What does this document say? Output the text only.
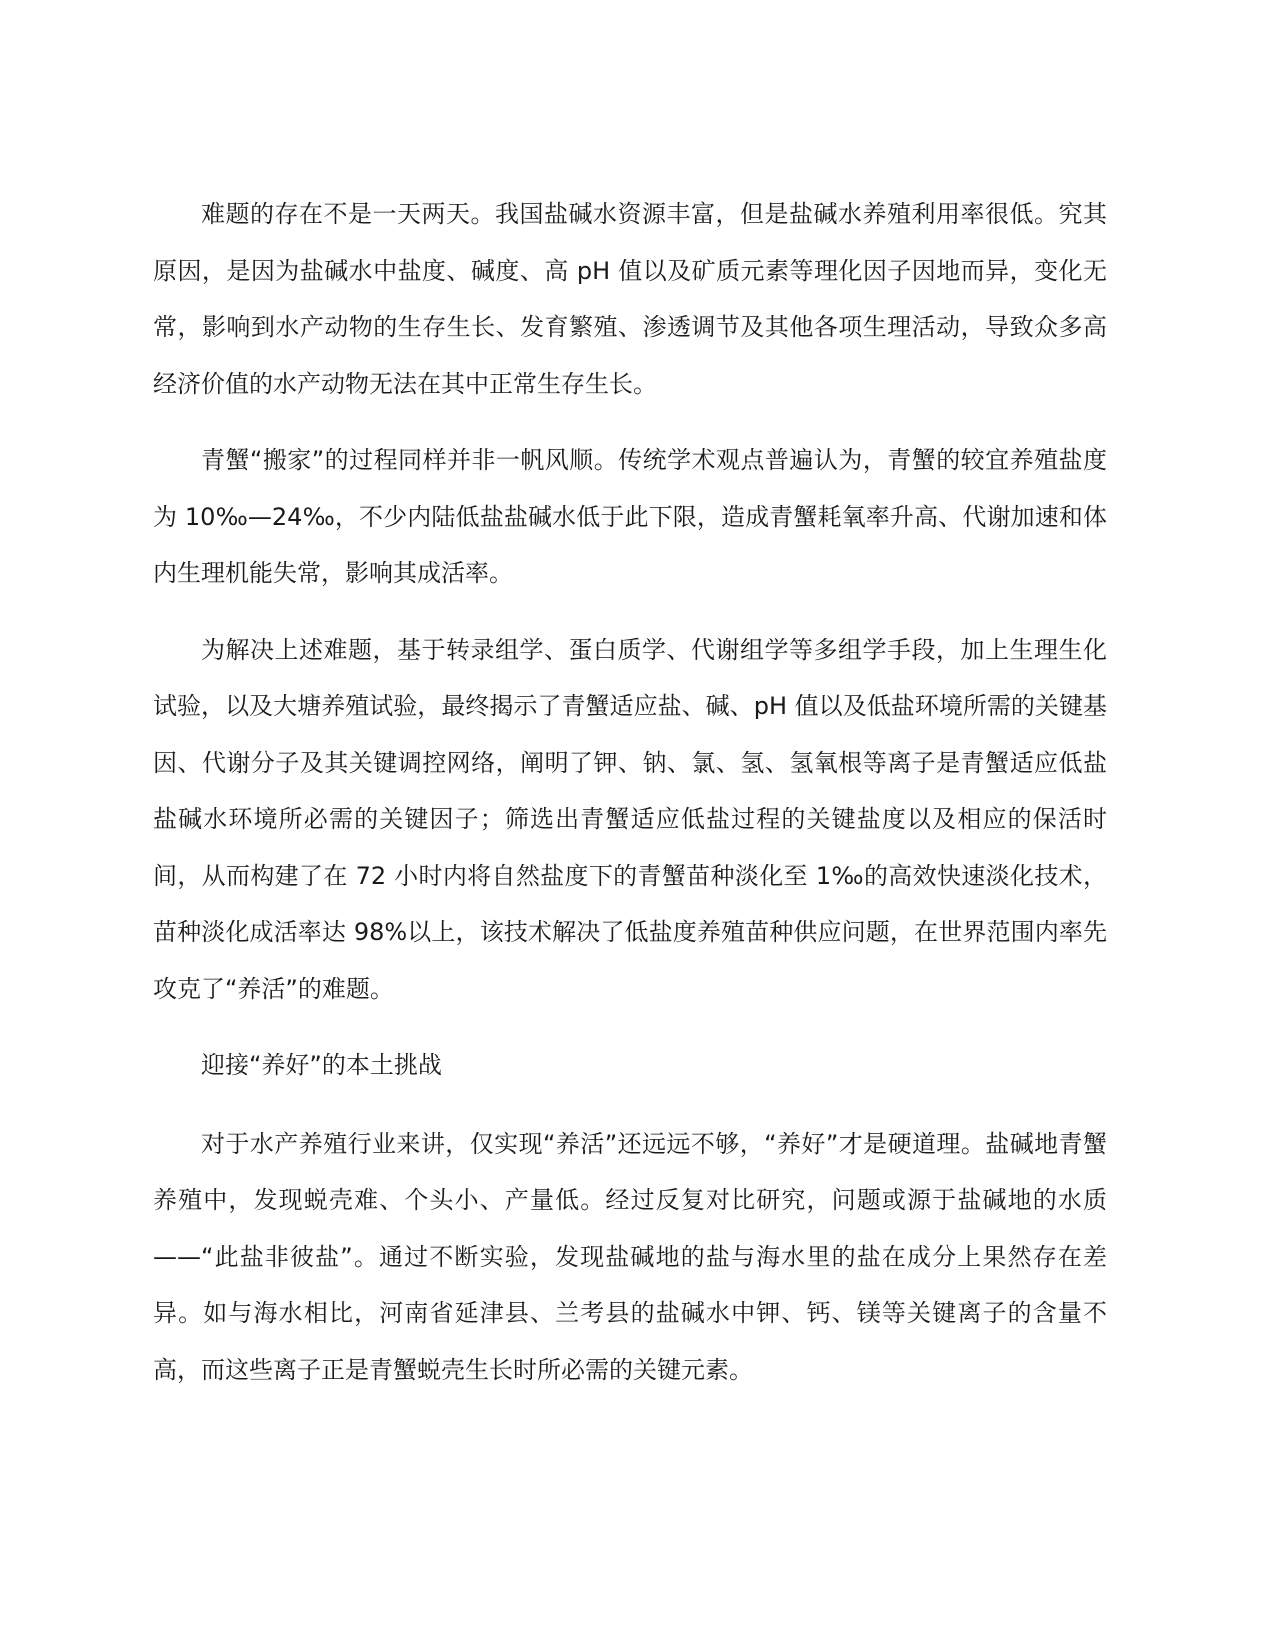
难题的存在不是一天两天。我国盐碱水资源丰富，但是盐碱水养殖利用率很低。究其原因，是因为盐碱水中盐度、碱度、高 pH 值以及矿质元素等理化因子因地而异，变化无常，影响到水产动物的生存生长、发育繁殖、渗透调节及其他各项生理活动，导致众多高经济价值的水产动物无法在其中正常生存生长。

青蟹“搬家”的过程同样并非一帆风顺。传统学术观点普遍认为，青蟹的较宜养殖盐度为 10‰—24‰，不少内陆低盐盐碱水低于此下限，造成青蟹耗氧率升高、代谢加速和体内生理机能失常，影响其成活率。

为解决上述难题，基于转录组学、蛋白质学、代谢组学等多组学手段，加上生理生化试验，以及大塘养殖试验，最终揭示了青蟹适应盐、碱、pH 值以及低盐环境所需的关键基因、代谢分子及其关键调控网络，阐明了钾、钠、氯、氢、氢氧根等离子是青蟹适应低盐盐碱水环境所必需的关键因子；筛选出青蟹适应低盐过程的关键盐度以及相应的保活时间，从而构建了在 72 小时内将自然盐度下的青蟹苗种淡化至 1‰的高效快速淡化技术，苗种淡化成活率达 98%以上，该技术解决了低盐度养殖苗种供应问题，在世界范围内率先攻克了“养活”的难题。

迎接“养好”的本土挑战

对于水产养殖行业来讲，仅实现“养活”还远远不够，“养好”才是硬道理。盐碱地青蟹养殖中，发现蜕壳难、个头小、产量低。经过反复对比研究，问题或源于盐碱地的水质——“此盐非彼盐”。通过不断实验，发现盐碱地的盐与海水里的盐在成分上果然存在差异。如与海水相比，河南省延津县、兰考县的盐碱水中钾、钙、镁等关键离子的含量不高，而这些离子正是青蟹蜕壳生长时所必需的关键元素。
